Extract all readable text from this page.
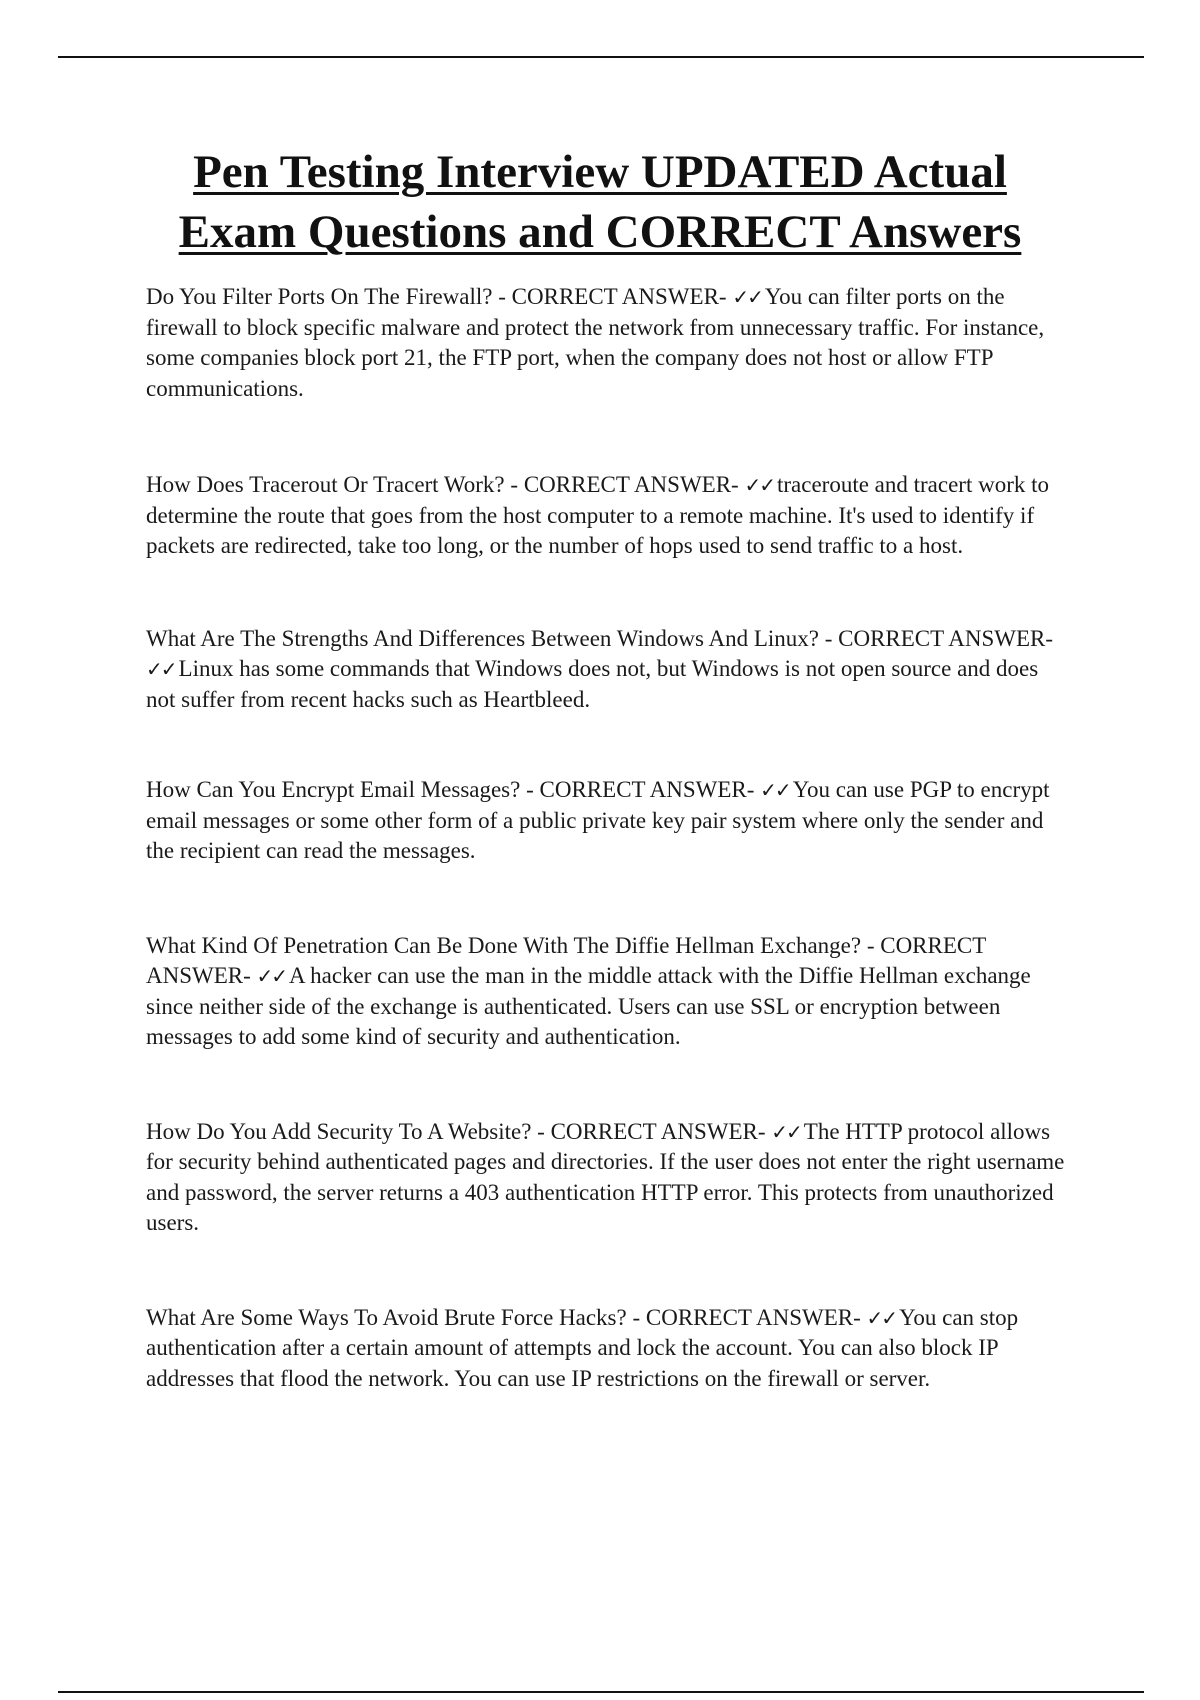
Pen Testing Interview UPDATED Actual
Exam Questions and CORRECT Answers
Do You Filter Ports On The Firewall? - CORRECT ANSWER- ✓✓ You can filter ports on the firewall to block specific malware and protect the network from unnecessary traffic. For instance, some companies block port 21, the FTP port, when the company does not host or allow FTP communications.
How Does Tracerout Or Tracert Work? - CORRECT ANSWER- ✓✓ traceroute and tracert work to determine the route that goes from the host computer to a remote machine. It's used to identify if packets are redirected, take too long, or the number of hops used to send traffic to a host.
What Are The Strengths And Differences Between Windows And Linux? - CORRECT ANSWER- ✓✓ Linux has some commands that Windows does not, but Windows is not open source and does not suffer from recent hacks such as Heartbleed.
How Can You Encrypt Email Messages? - CORRECT ANSWER- ✓✓ You can use PGP to encrypt email messages or some other form of a public private key pair system where only the sender and the recipient can read the messages.
What Kind Of Penetration Can Be Done With The Diffie Hellman Exchange? - CORRECT ANSWER- ✓✓ A hacker can use the man in the middle attack with the Diffie Hellman exchange since neither side of the exchange is authenticated. Users can use SSL or encryption between messages to add some kind of security and authentication.
How Do You Add Security To A Website? - CORRECT ANSWER- ✓✓ The HTTP protocol allows for security behind authenticated pages and directories. If the user does not enter the right username and password, the server returns a 403 authentication HTTP error. This protects from unauthorized users.
What Are Some Ways To Avoid Brute Force Hacks? - CORRECT ANSWER- ✓✓ You can stop authentication after a certain amount of attempts and lock the account. You can also block IP addresses that flood the network. You can use IP restrictions on the firewall or server.
